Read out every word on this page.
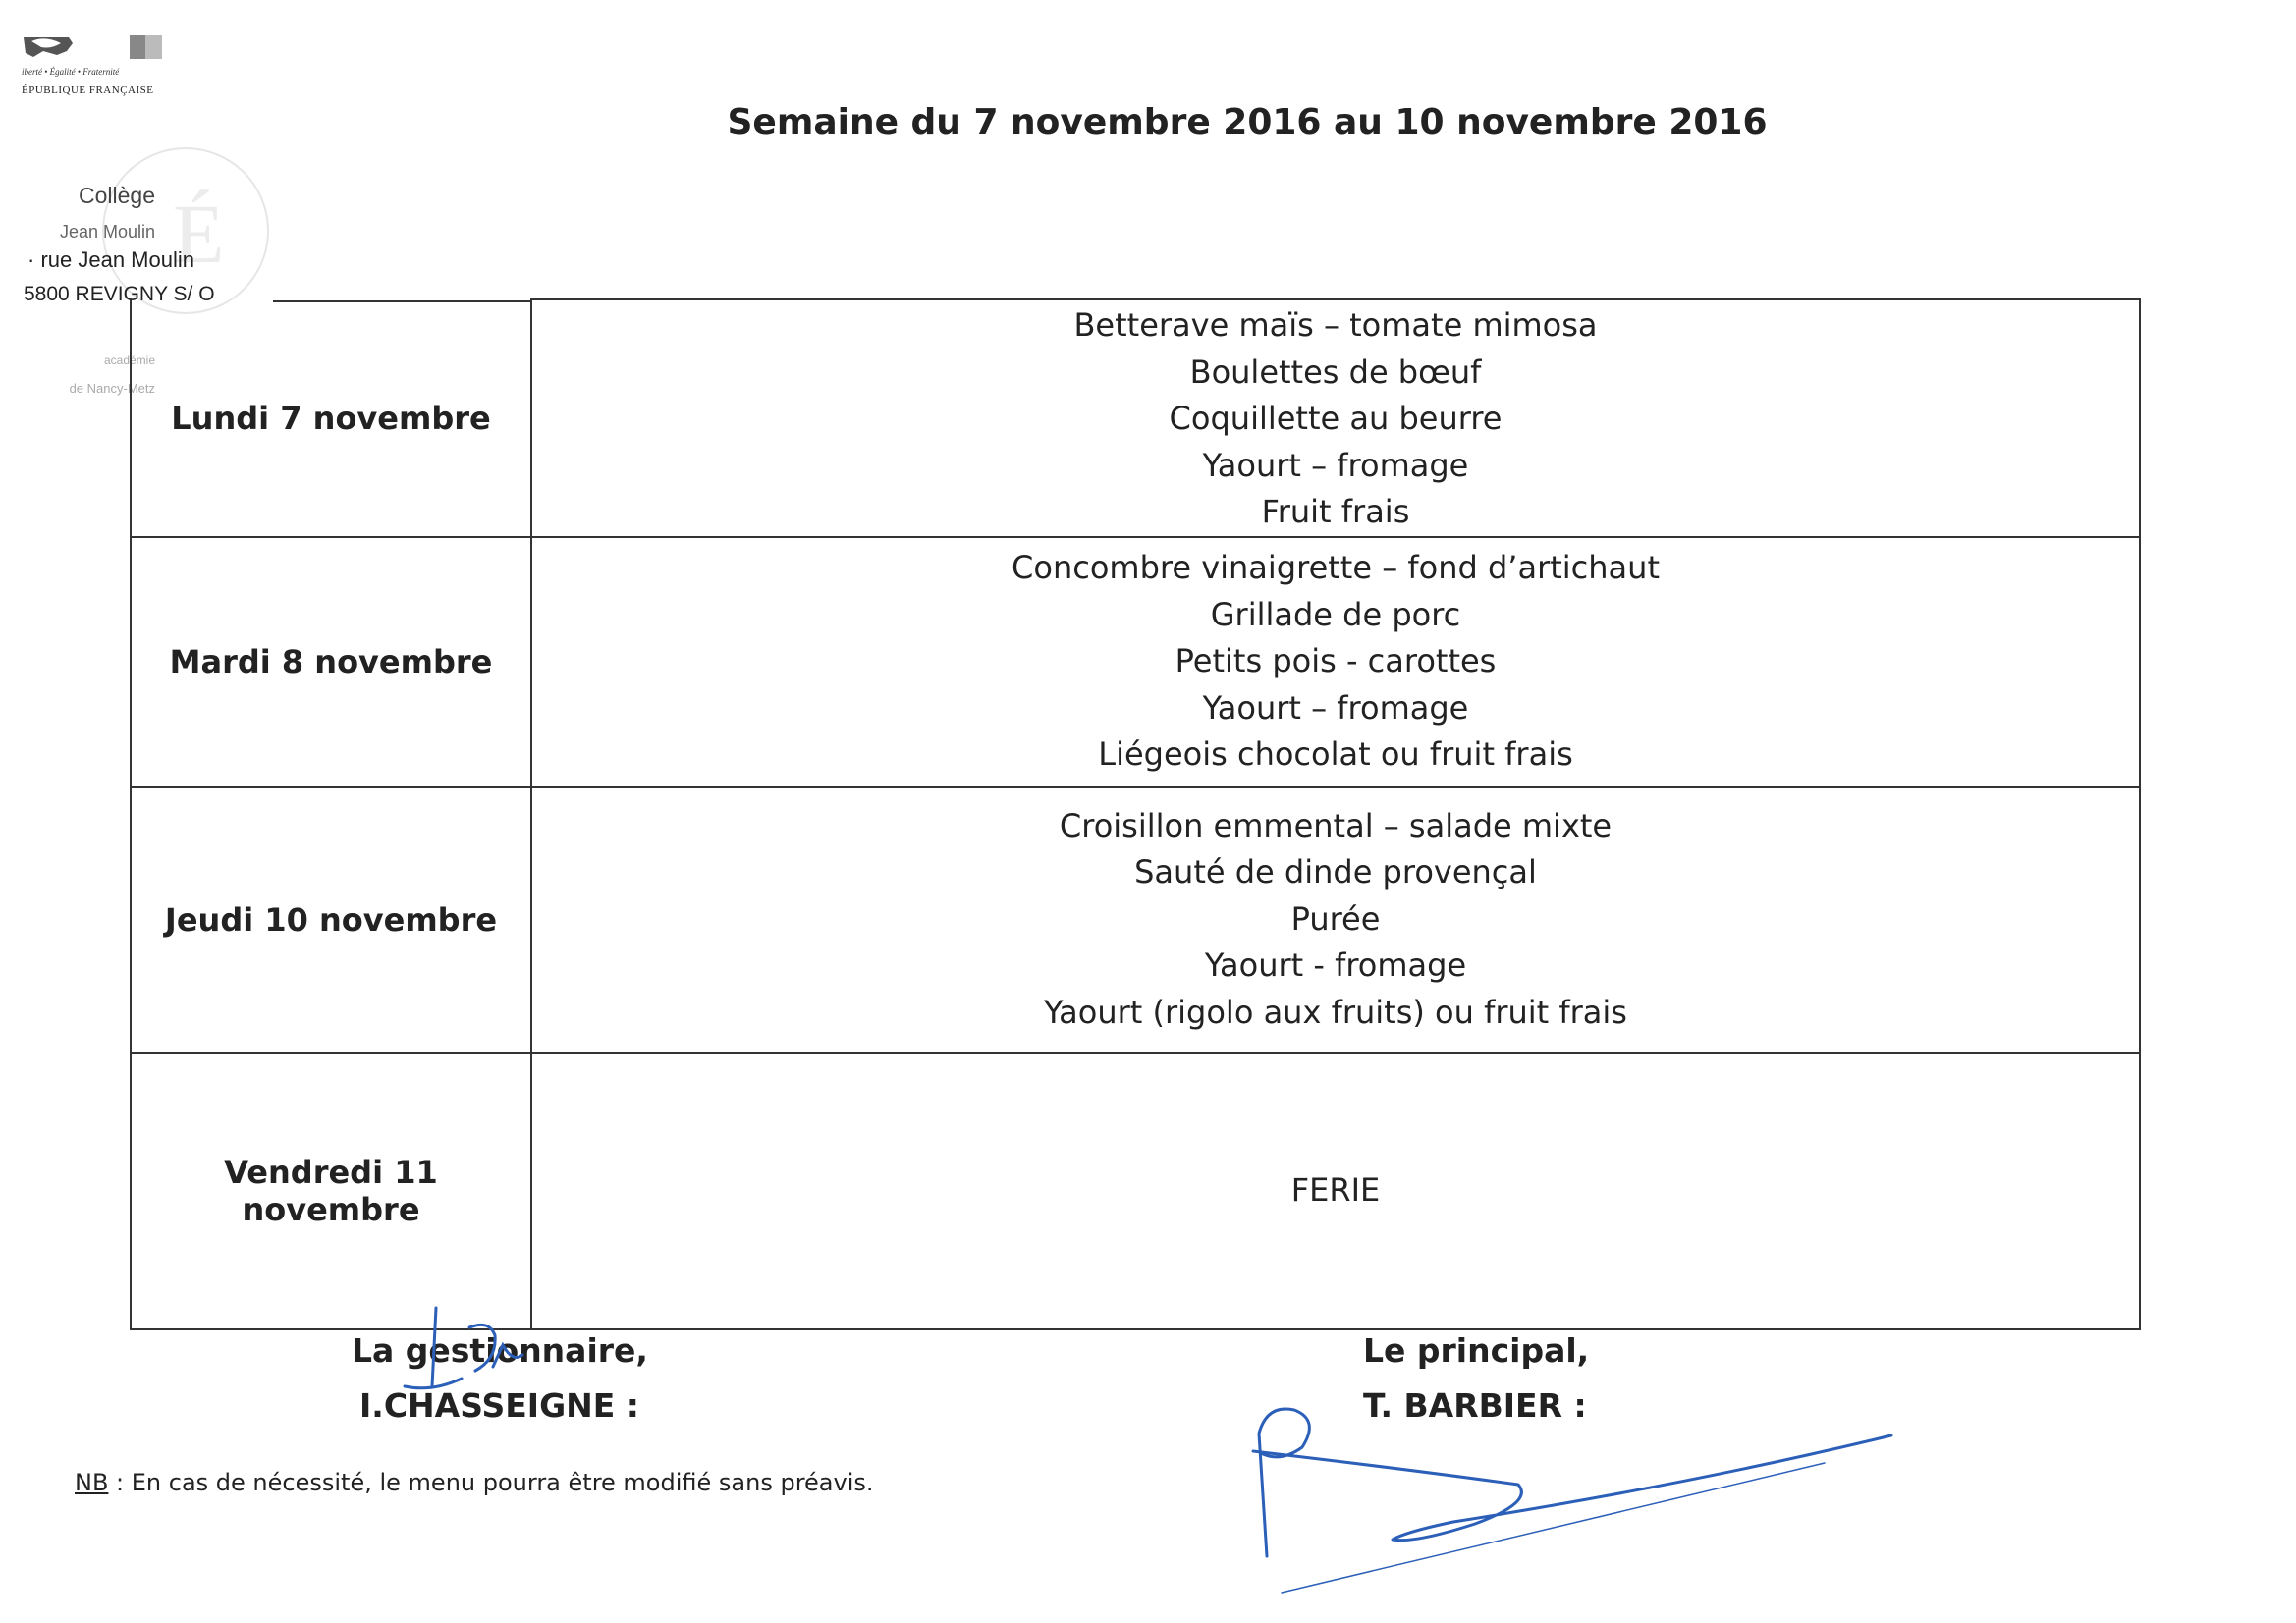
iberté • Égalité • Fraternité
ÉPUBLIQUE FRANÇAISE
É
Collège
Jean Moulin
· rue Jean Moulin
5800 REVIGNY S/ O
académie
de Nancy-Metz
Semaine du 7 novembre 2016 au 10 novembre 2016
Lundi 7 novembre	Betterave maïs – tomate mimosa
Boulettes de bœuf
Coquillette au beurre
Yaourt – fromage
Fruit frais

Mardi 8 novembre	Concombre vinaigrette – fond d’artichaut
Grillade de porc
Petits pois - carottes
Yaourt – fromage
Liégeois chocolat ou fruit frais

Jeudi 10 novembre	Croisillon emmental – salade mixte
Sauté de dinde provençal
Purée
Yaourt - fromage
Yaourt (rigolo aux fruits) ou fruit frais

Vendredi 11 novembre	FERIE
La gestionnaire,
I.CHASSEIGNE :
Le principal,
T. BARBIER :
NB : En cas de nécessité, le menu pourra être modifié sans préavis.
